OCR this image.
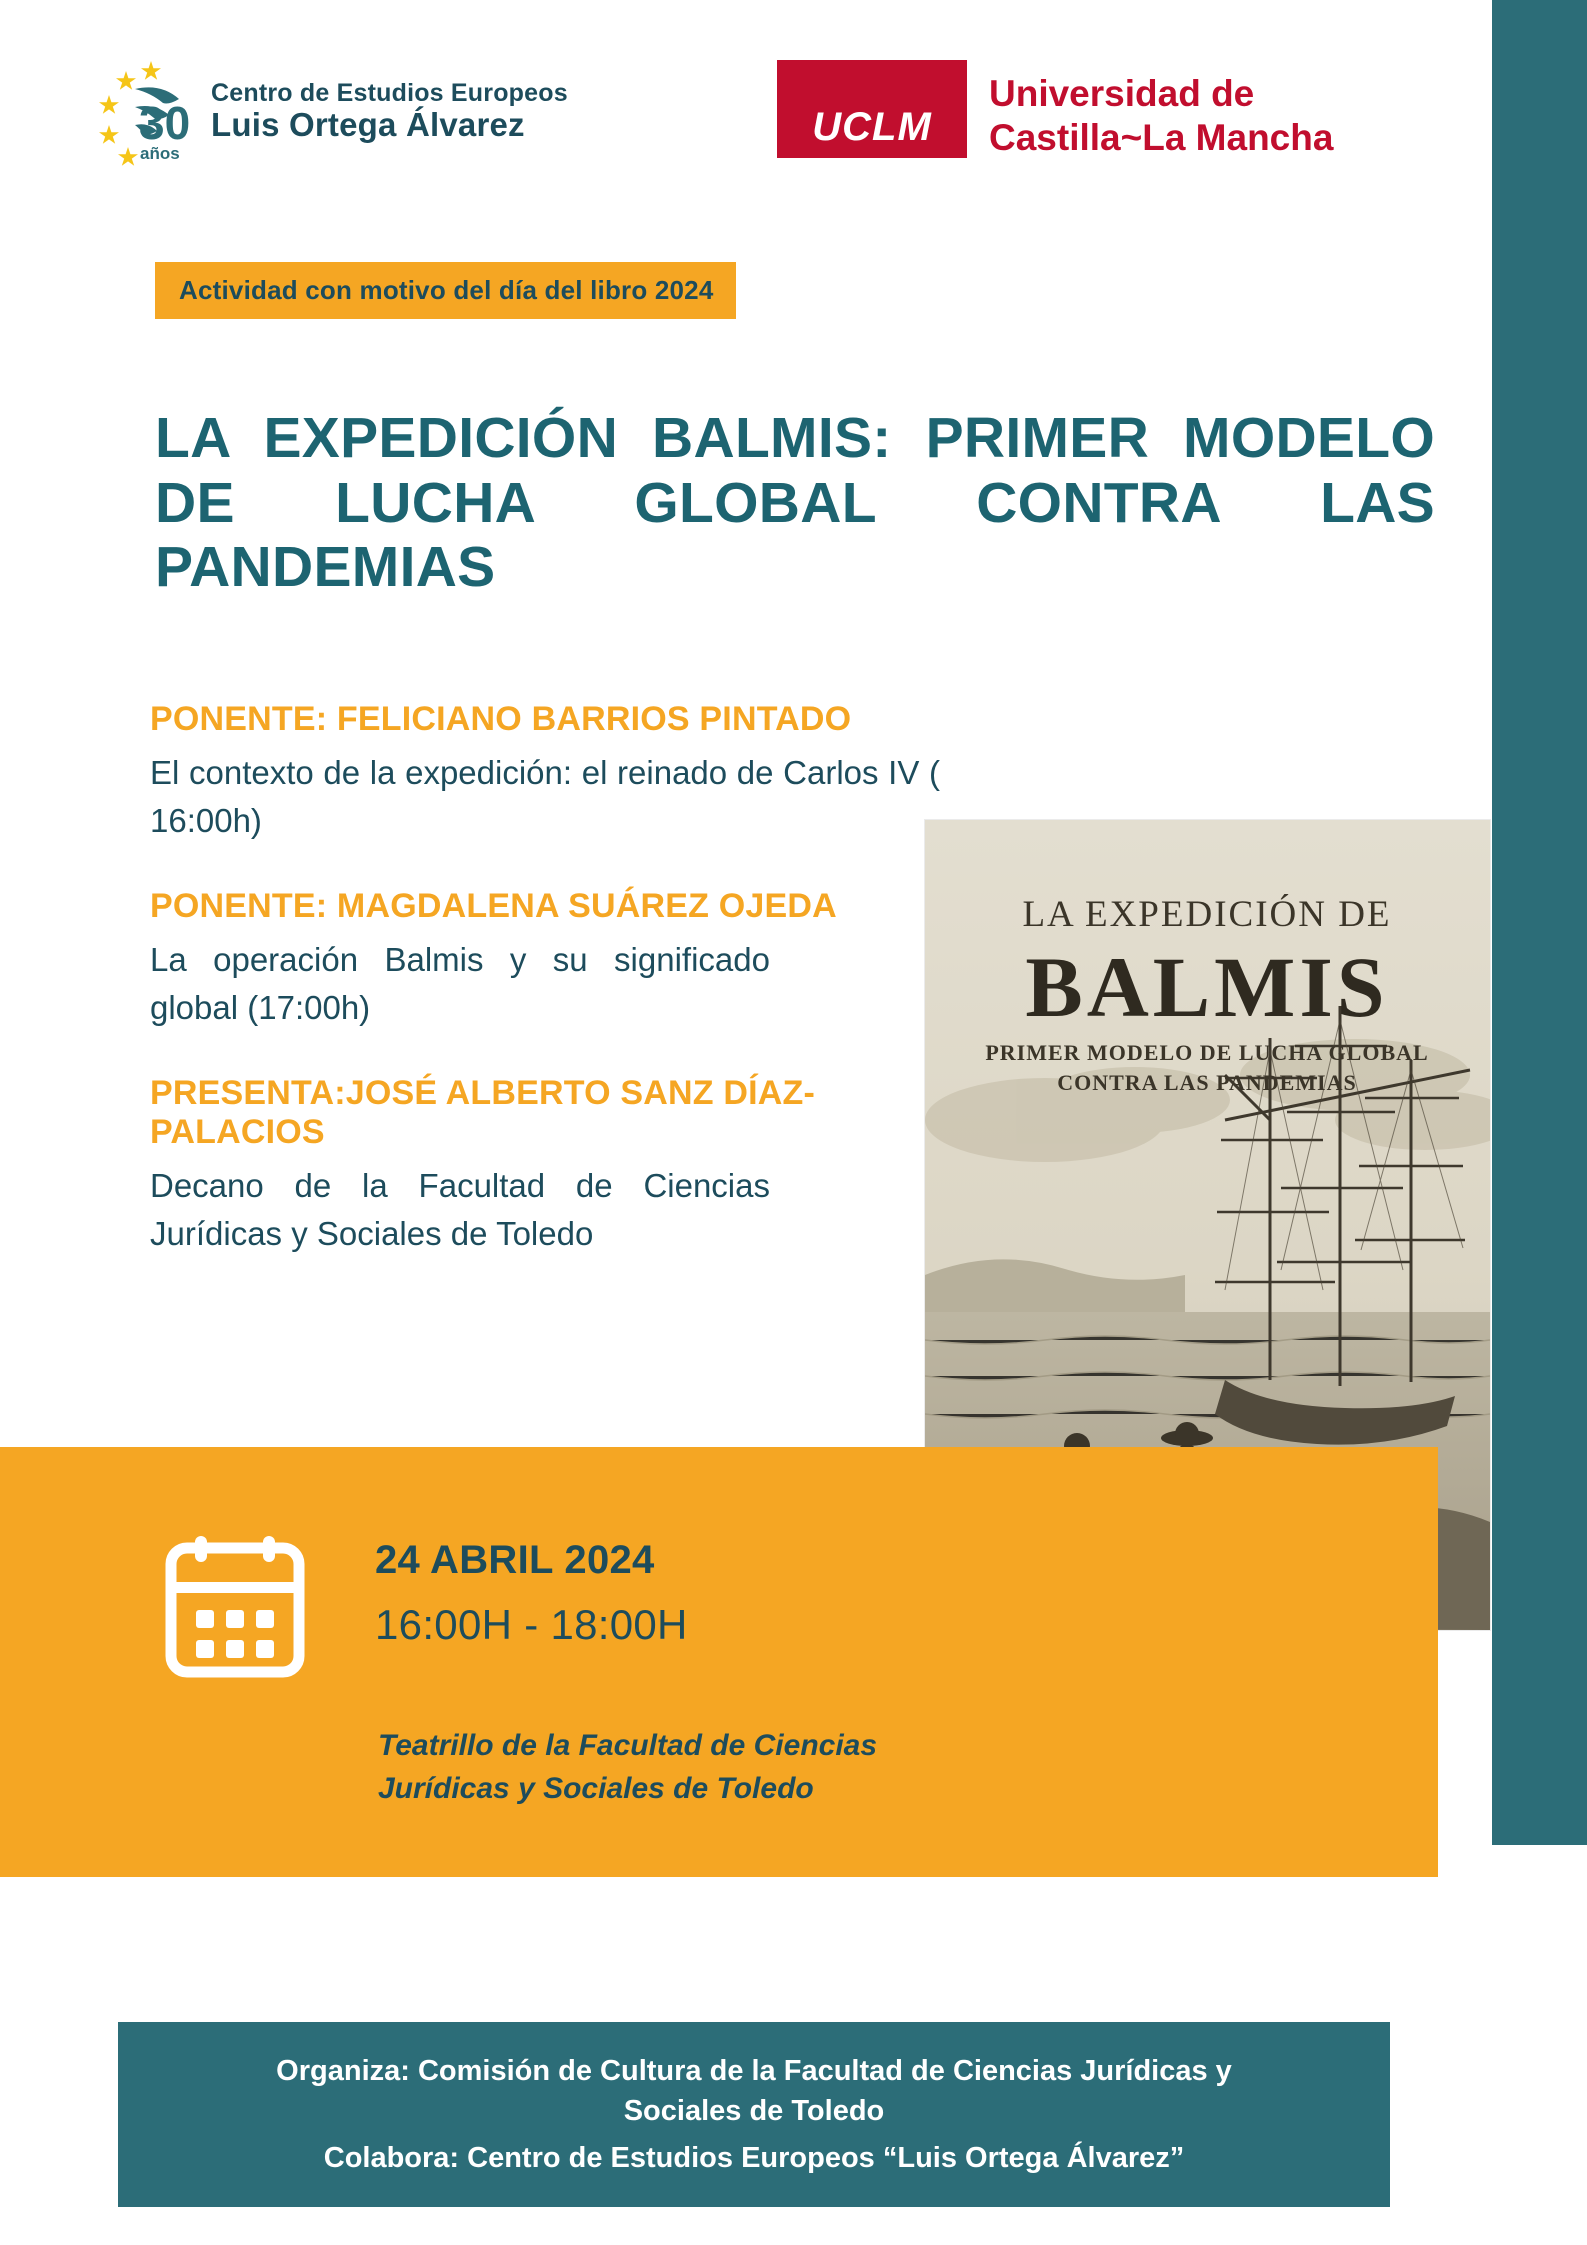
30
años
Centro de Estudios Europeos
Luis Ortega Álvarez	UCLM
Universidad de
Castilla~La Mancha
Actividad con motivo del día del libro 2024
LA EXPEDICIÓN BALMIS: PRIMER MODELO DE LUCHA GLOBAL CONTRA LAS PANDEMIAS
PONENTE: FELICIANO BARRIOS PINTADO
El contexto de la expedición: el reinado de Carlos IV ( 16:00h)
PONENTE: MAGDALENA SUÁREZ OJEDA
La operación Balmis y su significado global (17:00h)
PRESENTA:JOSÉ ALBERTO SANZ DÍAZ-PALACIOS
Decano de la Facultad de Ciencias Jurídicas y Sociales de Toledo
LA EXPEDICIÓN DE
BALMIS
PRIMER MODELO DE LUCHA GLOBAL
CONTRA LAS PANDEMIAS
24 ABRIL 2024
16:00H - 18:00H
Teatrillo de la Facultad de Ciencias
Jurídicas y Sociales de Toledo
Organiza: Comisión de Cultura de la Facultad de Ciencias Jurídicas y
Sociales de Toledo
Colabora: Centro de Estudios Europeos “Luis Ortega Álvarez”
